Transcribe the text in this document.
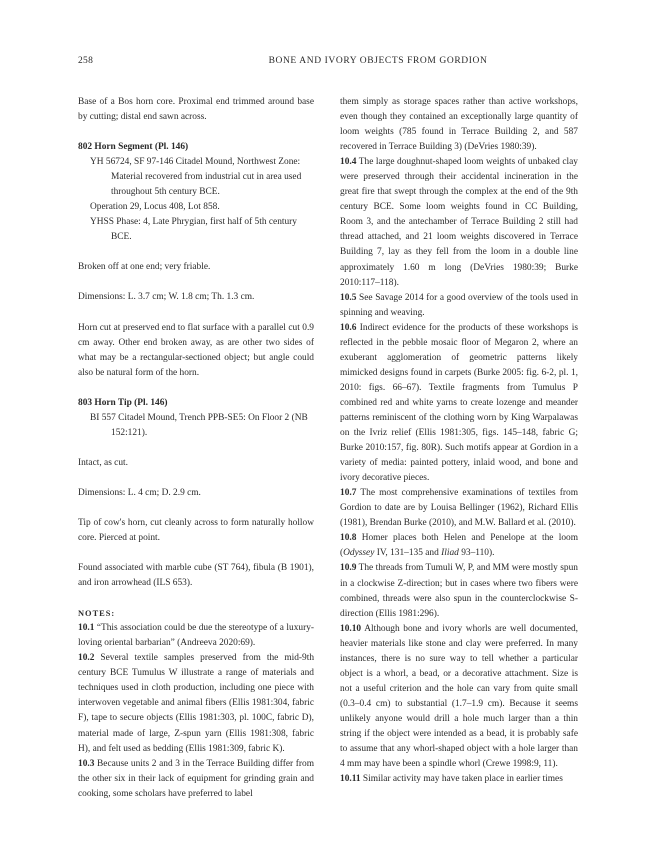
258	BONE AND IVORY OBJECTS FROM GORDION

Base of a Bos horn core. Proximal end trimmed around base by cutting; distal end sawn across.

802 Horn Segment (Pl. 146)

YH 56724, SF 97-146 Citadel Mound, Northwest Zone: Material recovered from industrial cut in area used throughout 5th century BCE.

Operation 29, Locus 408, Lot 858.

YHSS Phase: 4, Late Phrygian, first half of 5th century BCE.

Broken off at one end; very friable.

Dimensions: L. 3.7 cm; W. 1.8 cm; Th. 1.3 cm.

Horn cut at preserved end to flat surface with a parallel cut 0.9 cm away. Other end broken away, as are other two sides of what may be a rectangular-sectioned object; but angle could also be natural form of the horn.

803 Horn Tip (Pl. 146)

BI 557 Citadel Mound, Trench PPB-SE5: On Floor 2 (NB 152:121).

Intact, as cut.

Dimensions: L. 4 cm; D. 2.9 cm.

Tip of cow's horn, cut cleanly across to form naturally hollow core. Pierced at point.

Found associated with marble cube (ST 764), fibula (B 1901), and iron arrowhead (ILS 653).

NOTES:

10.1 “This association could be due the stereotype of a luxury-loving oriental barbarian” (Andreeva 2020:69).

10.2 Several textile samples preserved from the mid-9th century BCE Tumulus W illustrate a range of materials and techniques used in cloth production, including one piece with interwoven vegetable and animal fibers (Ellis 1981:304, fabric F), tape to secure objects (Ellis 1981:303, pl. 100C, fabric D), material made of large, Z-spun yarn (Ellis 1981:308, fabric H), and felt used as bedding (Ellis 1981:309, fabric K).

10.3 Because units 2 and 3 in the Terrace Building differ from the other six in their lack of equipment for grinding grain and cooking, some scholars have preferred to label

them simply as storage spaces rather than active workshops, even though they contained an exceptionally large quantity of loom weights (785 found in Terrace Building 2, and 587 recovered in Terrace Building 3) (DeVries 1980:39).

10.4 The large doughnut-shaped loom weights of unbaked clay were preserved through their accidental incineration in the great fire that swept through the complex at the end of the 9th century BCE. Some loom weights found in CC Building, Room 3, and the antechamber of Terrace Building 2 still had thread attached, and 21 loom weights discovered in Terrace Building 7, lay as they fell from the loom in a double line approximately 1.60 m long (DeVries 1980:39; Burke 2010:117–118).

10.5 See Savage 2014 for a good overview of the tools used in spinning and weaving.

10.6 Indirect evidence for the products of these workshops is reflected in the pebble mosaic floor of Megaron 2, where an exuberant agglomeration of geometric patterns likely mimicked designs found in carpets (Burke 2005: fig. 6-2, pl. 1, 2010: figs. 66–67). Textile fragments from Tumulus P combined red and white yarns to create lozenge and meander patterns reminiscent of the clothing worn by King Warpalawas on the Ivriz relief (Ellis 1981:305, figs. 145–148, fabric G; Burke 2010:157, fig. 80R). Such motifs appear at Gordion in a variety of media: painted pottery, inlaid wood, and bone and ivory decorative pieces.

10.7 The most comprehensive examinations of textiles from Gordion to date are by Louisa Bellinger (1962), Richard Ellis (1981), Brendan Burke (2010), and M.W. Ballard et al. (2010).

10.8 Homer places both Helen and Penelope at the loom (Odyssey IV, 131–135 and Iliad 93–110).

10.9 The threads from Tumuli W, P, and MM were mostly spun in a clockwise Z-direction; but in cases where two fibers were combined, threads were also spun in the counterclockwise S-direction (Ellis 1981:296).

10.10 Although bone and ivory whorls are well documented, heavier materials like stone and clay were preferred. In many instances, there is no sure way to tell whether a particular object is a whorl, a bead, or a decorative attachment. Size is not a useful criterion and the hole can vary from quite small (0.3–0.4 cm) to substantial (1.7–1.9 cm). Because it seems unlikely anyone would drill a hole much larger than a thin string if the object were intended as a bead, it is probably safe to assume that any whorl-shaped object with a hole larger than 4 mm may have been a spindle whorl (Crewe 1998:9, 11).

10.11 Similar activity may have taken place in earlier times
